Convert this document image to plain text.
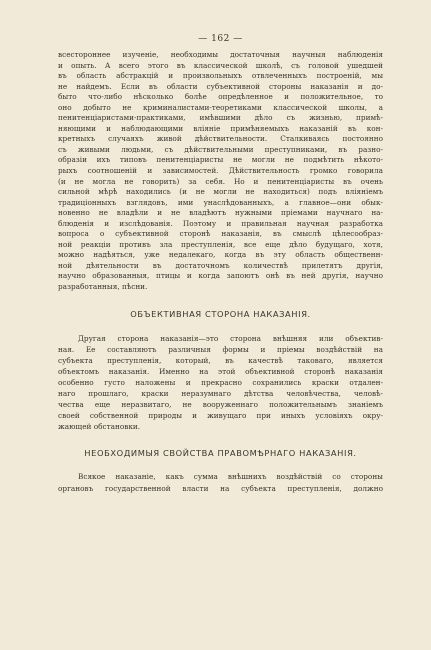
— 162 —

всестороннее изученіе, необходимы достаточныя научныя наблюденія

и опыть. А всего этого въ классической школѣ, съ головой ушедшей

въ область абстракцій и произвольныхъ отвлеченныхъ построеній, мы

не найдемъ. Если въ области субъективной стороны наказанія и до-

быто что-либо нѣсколько болѣе опредѣленное и положительное, то

оно добыто не криминалистами-теоретиками классической школы, а

пенитенціаристами-практиками, имѣвшими дѣло съ жизнью, примѣ-

няющими и наблюдающими вліяніе примѣняемыхъ наказаній въ кон-

кретныхъ случаяхъ живой дѣйствительности. Сталкиваясь постоянно

съ живыми людьми, съ дѣйствительными преступниками, въ разно-

образіи ихъ типовъ пенитенціаристы не могли не подмѣтить нѣкото-

рыхъ соотношеній и зависимостей. Дѣйствительность громко говорила

(и не могла не говорить) за себя. Но и пенитенціаристы въ очень

сильной мѣрѣ находились (и не могли не находиться) подъ вліяніемъ

традиціонныхъ взглядовъ, ими унаслѣдованныхъ, а главное—они обык-

новенно не владѣли и не владѣютъ нужными пріемами научнаго на-

блюденія и изслѣдованія. Поэтому и правильная научная разработка

вопроса о субъективной сторонѣ наказанія, въ смыслѣ цѣлесообраз-

ной реакціи противъ зла преступленія, все еще дѣло будущаго, хотя,

можно надѣяться, уже недалекаго, когда въ эту область общественн-

ной дѣятельности въ достаточномъ количествѣ прилетятъ другія,

научно образованныя, птицы и когда запоютъ онѣ въ ней другія, научно

разработанныя, пѣсни.

ОБЪЕКТИВНАЯ СТОРОНА НАКАЗАНІЯ.

Другая сторона наказанія—это сторона внѣшняя или объектив-

ная. Ее составляютъ различныя формы и пріемы воздѣйствій на

субъекта преступленія, который, въ качествѣ таковаго, является

объектомъ наказанія. Именно на этой объективной сторонѣ наказанія

особенно густо наложены и прекрасно сохранились краски отдален-

наго прошлаго, краски неразумнаго дѣтства человѣчества, человѣ-

чества еще неразвитаго, не вооруженнаго положительнымъ знаніемъ

своей собственной природы и живущаго при иныхъ условіяхъ окру-

жающей обстановки.

НЕОБХОДИМЫЯ СВОЙСТВА ПРАВОМѢРНАГО НАКАЗАНІЯ.

Всякое наказаніе, какъ сумма внѣшнихъ воздѣйствій со стороны

органовъ государственной власти на субъекта преступленія, должно
